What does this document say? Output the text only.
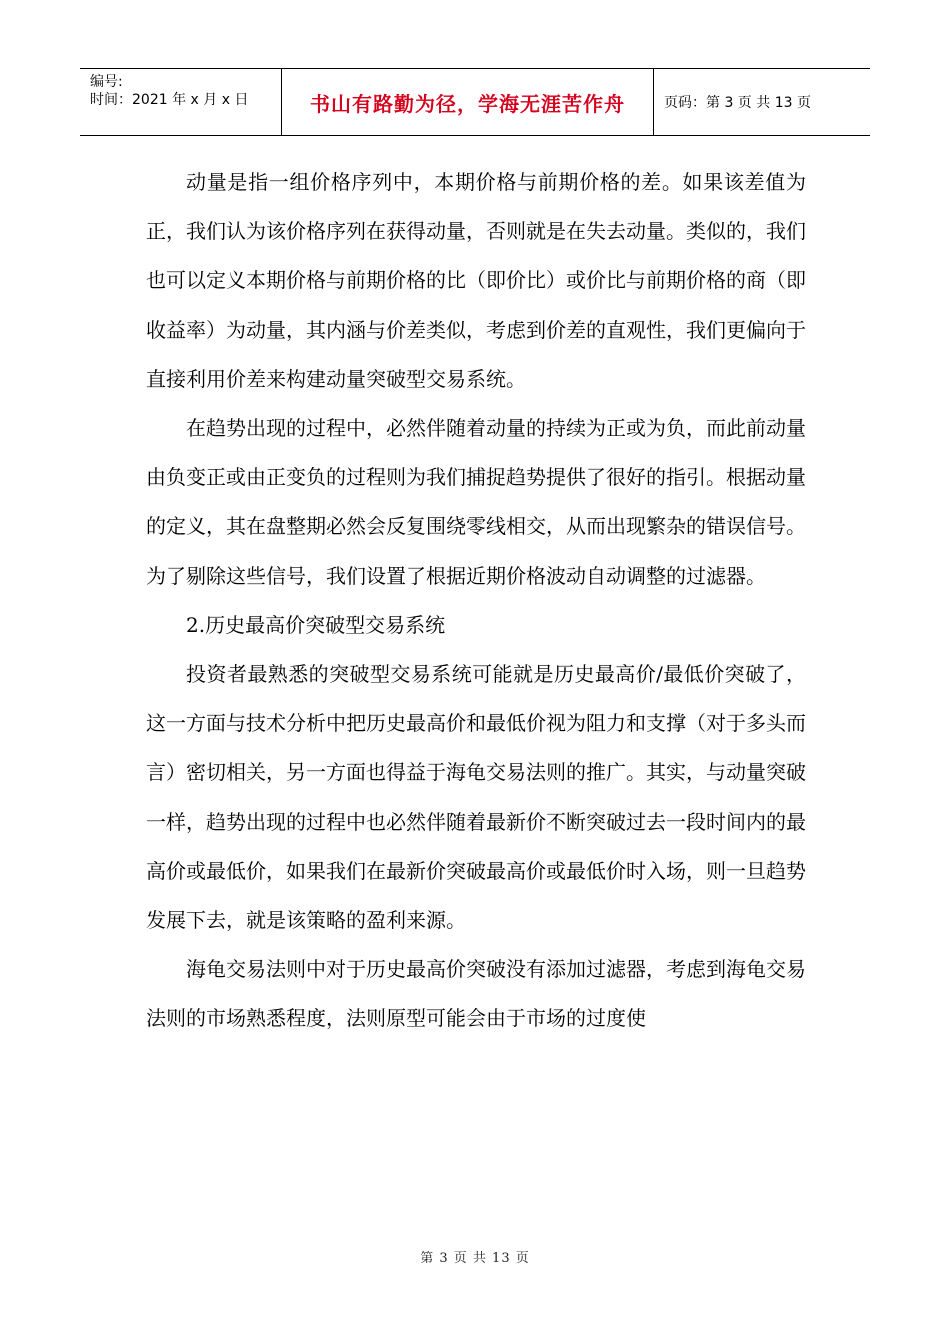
编号:
时间：2021 年 x 月 x 日	书山有路勤为径，学海无涯苦作舟	页码：第 3 页 共 13 页

动量是指一组价格序列中，本期价格与前期价格的差。如果该差值为正，我们认为该价格序列在获得动量，否则就是在失去动量。类似的，我们也可以定义本期价格与前期价格的比（即价比）或价比与前期价格的商（即收益率）为动量，其内涵与价差类似，考虑到价差的直观性，我们更偏向于直接利用价差来构建动量突破型交易系统。

在趋势出现的过程中，必然伴随着动量的持续为正或为负，而此前动量由负变正或由正变负的过程则为我们捕捉趋势提供了很好的指引。根据动量的定义，其在盘整期必然会反复围绕零线相交，从而出现繁杂的错误信号。为了剔除这些信号，我们设置了根据近期价格波动自动调整的过滤器。

2.历史最高价突破型交易系统

投资者最熟悉的突破型交易系统可能就是历史最高价/最低价突破了，这一方面与技术分析中把历史最高价和最低价视为阻力和支撑（对于多头而言）密切相关，另一方面也得益于海龟交易法则的推广。其实，与动量突破一样，趋势出现的过程中也必然伴随着最新价不断突破过去一段时间内的最高价或最低价，如果我们在最新价突破最高价或最低价时入场，则一旦趋势发展下去，就是该策略的盈利来源。

海龟交易法则中对于历史最高价突破没有添加过滤器，考虑到海龟交易法则的市场熟悉程度，法则原型可能会由于市场的过度使

第 3 页 共 13 页
